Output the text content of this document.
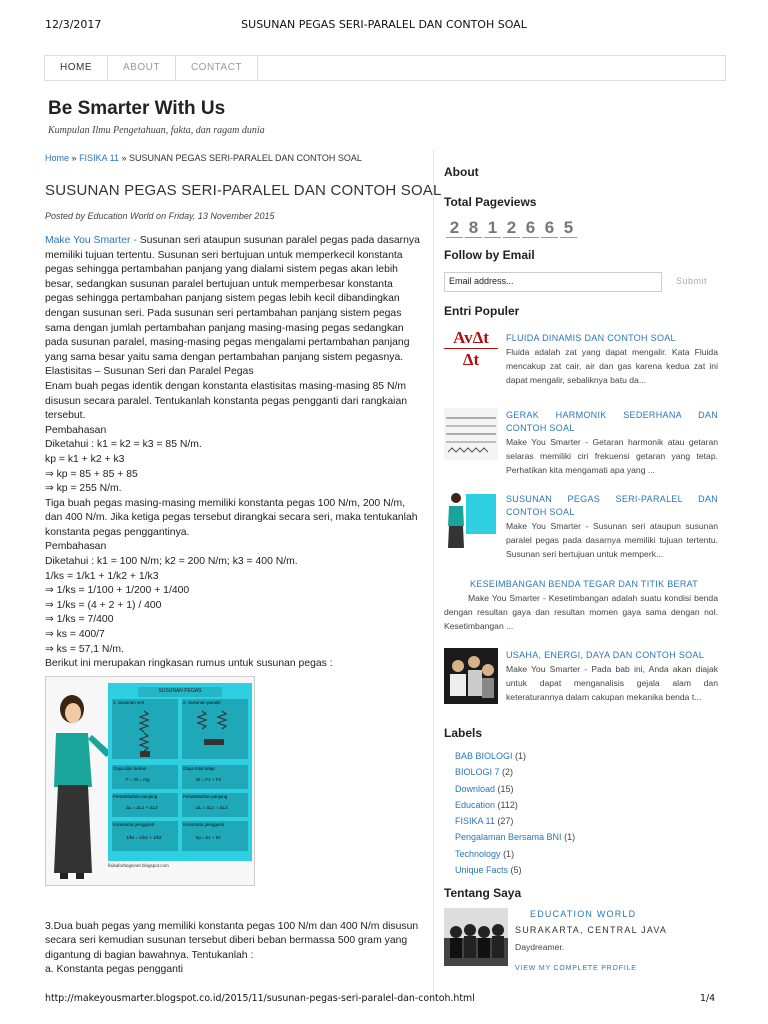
12/3/2017	SUSUNAN PEGAS SERI-PARALEL DAN CONTOH SOAL
HOME	ABOUT	CONTACT
Be Smarter With Us
Kumpulan Ilmu Pengetahuan, fakta, dan ragam dunia
Home » FISIKA 11 » SUSUNAN PEGAS SERI-PARALEL DAN CONTOH SOAL
SUSUNAN PEGAS SERI-PARALEL DAN CONTOH SOAL
Posted by Education World on Friday, 13 November 2015

Make You Smarter - Susunan seri ataupun susunan paralel pegas pada dasarnya memiliki tujuan tertentu. Susunan seri bertujuan untuk memperkecil konstanta pegas sehingga pertambahan panjang yang dialami sistem pegas akan lebih besar, sedangkan susunan paralel bertujuan untuk memperbesar konstanta pegas sehingga pertambahan panjang sistem pegas lebih kecil dibandingkan dengan susunan seri. Pada susunan seri pertambahan panjang sistem pegas sama dengan jumlah pertambahan panjang masing-masing pegas sedangkan pada susunan paralel, masing-masing pegas mengalami pertambahan panjang yang sama besar yaitu sama dengan pertambahan panjang sistem pegasnya. Elastisitas – Susunan Seri dan Paralel Pegas

Enam buah pegas identik dengan konstanta elastisitas masing-masing 85 N/m disusun secara paralel. Tentukanlah konstanta pegas pengganti dari rangkaian tersebut.

Pembahasan

Diketahui : k1 = k2 = k3 = 85 N/m.

kp = k1 + k2 + k3

⇒ kp = 85 + 85 + 85

⇒ kp = 255 N/m.

Tiga buah pegas masing-masing memiliki konstanta pegas 100 N/m, 200 N/m, dan 400 N/m. Jika ketiga pegas tersebut dirangkai secara seri, maka tentukanlah konstanta pegas penggantinya.

Pembahasan

Diketahui : k1 = 100 N/m; k2 = 200 N/m; k3 = 400 N/m.

1/ks = 1/k1 + 1/k2 + 1/k3

⇒ 1/ks = 1/100 + 1/200 + 1/400

⇒ 1/ks = (4 + 2 + 1) / 400

⇒ 1/ks = 7/400

⇒ ks = 400/7

⇒ ks = 57,1 N/m.

Berikut ini merupakan ringkasan rumus untuk susunan pegas :

SUSUNAN PEGAS
1. Susunan seri	2. Susunan paralel
Gaya dari beban
F = W = mg
Gaya total tetap
W = F1 + F2
Pertambahan panjang
ΔL = ΔL1 + ΔL2
Pertambahan panjang
ΔL = ΔL1 = ΔL2
Konstanta pengganti
1/ks = 1/k1 + 1/k2
Konstanta pengganti
kp = k1 + k2
fisikaforbeginner.blogspot.com

3.Dua buah pegas yang memiliki konstanta pegas 100 N/m dan 400 N/m disusun secara seri kemudian susunan tersebut diberi beban bermassa 500 gram yang digantung di bagian bawahnya. Tentukanlah :

a. Konstanta pegas pengganti

About
Total Pageviews
2 8 1 2 6 6 5
Follow by Email
Email address...	Submit
Entri Populer
AvΔt
Δt
FLUIDA DINAMIS DAN CONTOH SOAL
Fluida adalah zat yang dapat mengalir. Kata Fluida mencakup zat cair, air dan gas karena kedua zat ini dapat mengalir, sebaliknya batu da...
GERAK HARMONIK SEDERHANA DAN CONTOH SOAL
Make You Smarter - Getaran harmonik atau getaran selaras memiliki ciri frekuensi getaran yang tetap. Perhatikan kita mengamati apa yang ...
SUSUNAN PEGAS SERI-PARALEL DAN CONTOH SOAL
Make You Smarter - Susunan seri ataupun susunan paralel pegas pada dasarnya memiliki tujuan tertentu. Susunan seri bertujuan untuk memperk...
KESEIMBANGAN BENDA TEGAR DAN TITIK BERAT
Make You Smarter - Kesetimbangan adalah suatu kondisi benda dengan resultan gaya dan resultan momen gaya sama dengan nol. Kesetimbangan ...
USAHA, ENERGI, DAYA DAN CONTOH SOAL
Make You Smarter - Pada bab ini, Anda akan diajak untuk dapat menganalisis gejala alam dan keteraturannya dalam cakupan mekanika benda t...
Labels
BAB BIOLOGI (1)
BIOLOGI 7 (2)
Download (15)
Education (112)
FISIKA 11 (27)
Pengalaman Bersama BNI (1)
Technology (1)
Unique Facts (5)
Tentang Saya
EDUCATION WORLD
SURAKARTA, CENTRAL JAVA
Daydreamer.
VIEW MY COMPLETE PROFILE
http://makeyousmarter.blogspot.co.id/2015/11/susunan-pegas-seri-paralel-dan-contoh.html	1/4
